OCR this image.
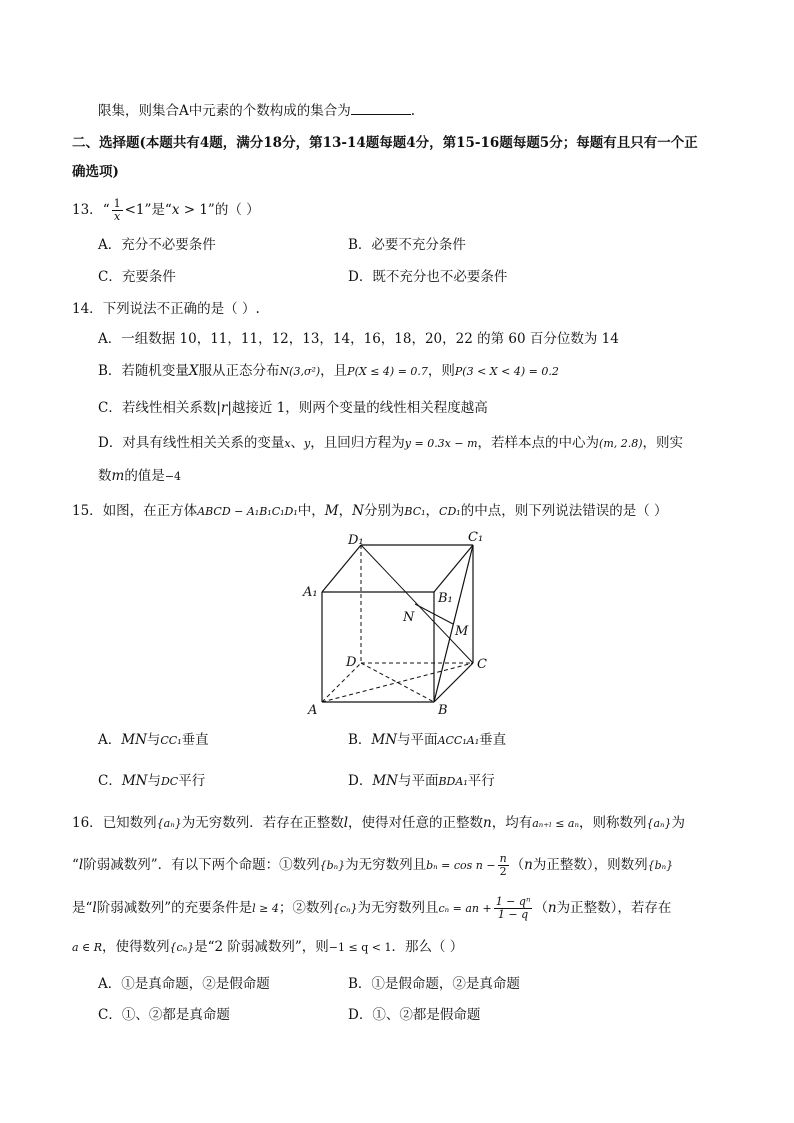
限集，则集合A中元素的个数构成的集合为	.
二、选择题(本题共有4题，满分18分，第13-14题每题4分，第15-16题每题5分；每题有且只有一个正
确选项)
13．“ $\frac{1}{x} <1$”是“x > 1”的（ ）
A．充分不必要条件	B．必要不充分条件
C．充要条件	D．既不充分也不必要条件
14．下列说法不正确的是（ ）.
A．一组数据 10，11，11，12，13，14，16，18，20，22 的第 60 百分位数为 14
B．若随机变量X服从正态分布N(3,σ²)，且P(X ≤ 4) = 0.7，则P(3 < X < 4) = 0.2
C．若线性相关系数|r|越接近 1，则两个变量的线性相关程度越高
D．对具有线性相关关系的变量x、y，且回归方程为y = 0.3x − m，若样本点的中心为(m, 2.8)，则实
数m的值是−4
15．如图，在正方体ABCD − A₁B₁C₁D₁中，M，N分别为BC₁，CD₁的中点，则下列说法错误的是（ ）
D₁	C₁
A₁	B₁
N
M
D	C
A	B
A．MN与CC₁垂直	B．MN与平面ACC₁A₁垂直
C．MN与DC平行	D．MN与平面BDA₁平行
16．已知数列{aₙ}为无穷数列．若存在正整数l，使得对任意的正整数n，均有aₙ₊ₗ ≤ aₙ，则称数列{aₙ}为
“l阶弱减数列”．有以下两个命题：①数列{bₙ}为无穷数列且$b_n = \cos n - \frac{n}{2} (n$为正整数），则数列{bₙ}
是“l阶弱减数列”的充要条件是l ≥ 4；②数列{cₙ}为无穷数列且cₙ = an + $\frac{\text{1 − qⁿ}}{1 - q} (n$为正整数），若存在
a ∈ R，使得数列{cₙ}是“2 阶弱减数列”，则−1 ≤ q < 1．那么（ ）
A．①是真命题，②是假命题	B．①是假命题，②是真命题
C．①、②都是真命题	D．①、②都是假命题
